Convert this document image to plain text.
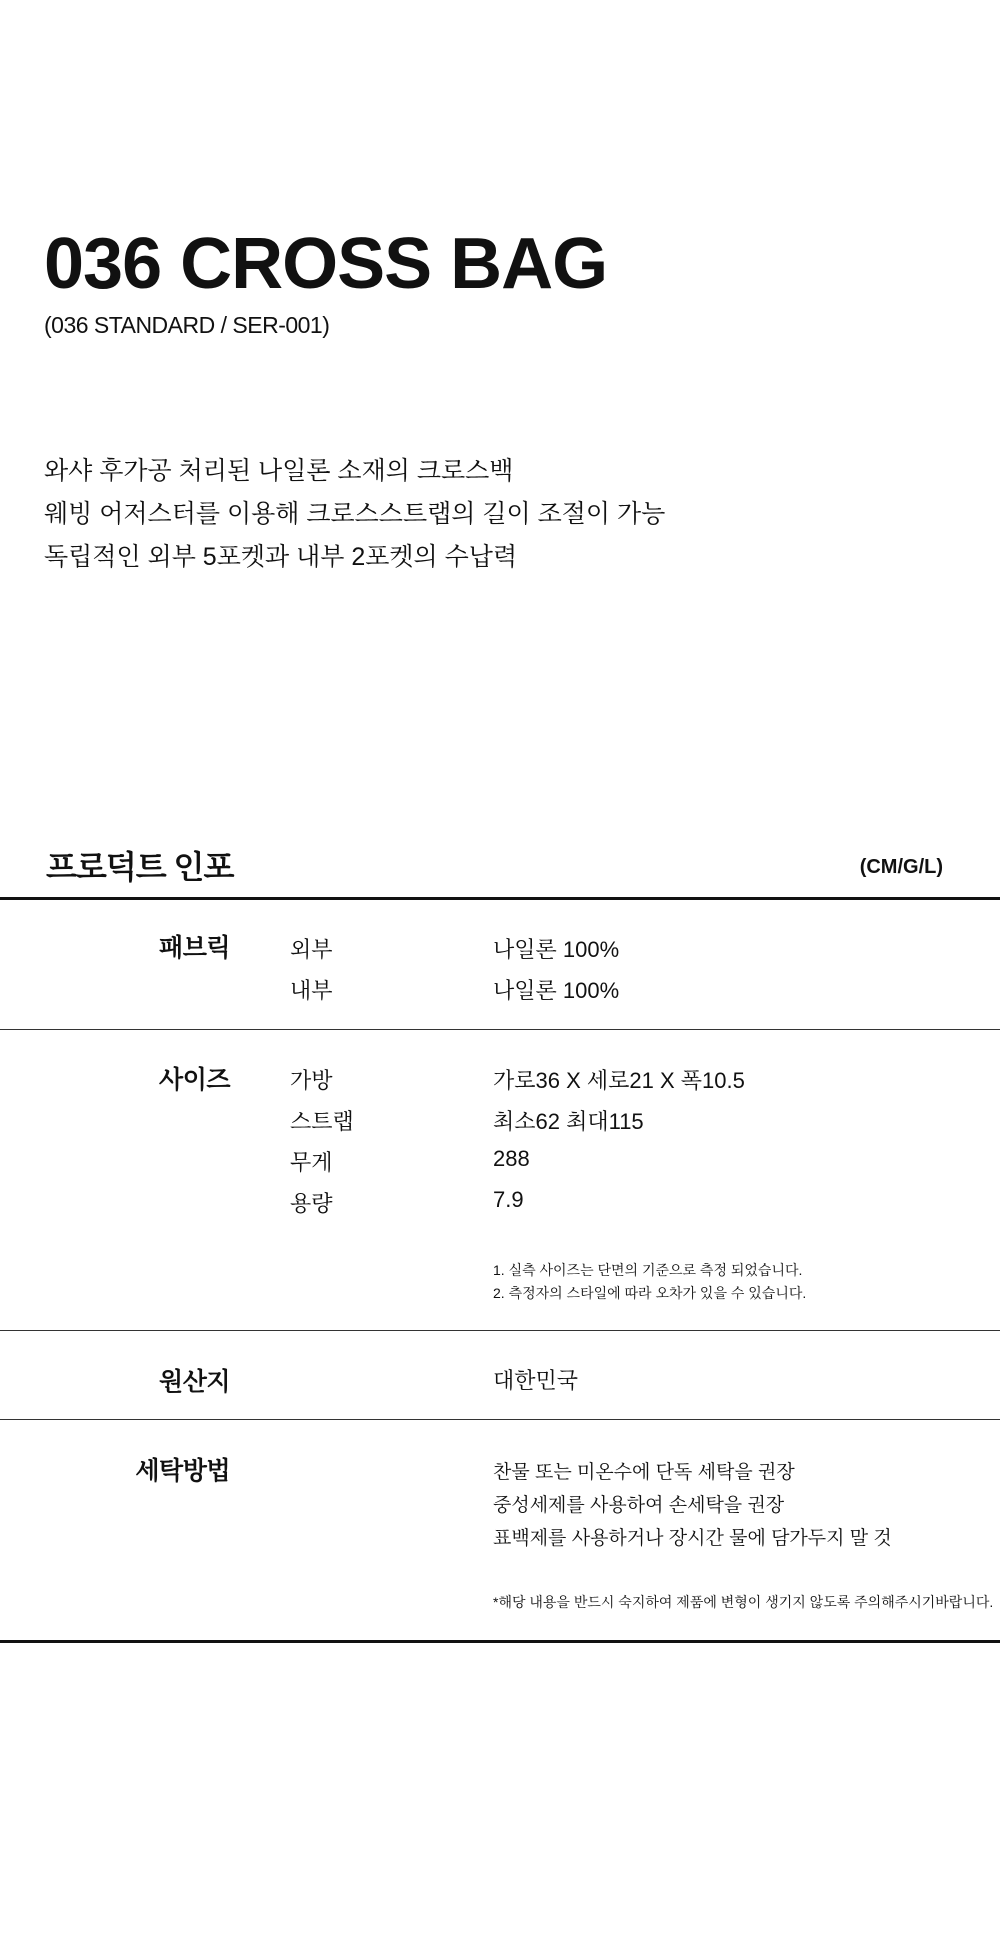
036 CROSS BAG
(036 STANDARD / SER-001)
와샤 후가공 처리된 나일론 소재의 크로스백
웨빙 어저스터를 이용해 크로스스트랩의 길이 조절이 가능
독립적인 외부 5포켓과 내부 2포켓의 수납력
프로덕트 인포	(CM/G/L)
패브릭	외부	나일론 100%
내부	나일론 100%
사이즈	가방	가로36 X 세로21 X 폭10.5
스트랩	최소62 최대115
무게	288
용량	7.9
1. 실측 사이즈는 단면의 기준으로 측정 되었습니다.
2. 측정자의 스타일에 따라 오차가 있을 수 있습니다.
원산지	대한민국
세탁방법	찬물 또는 미온수에 단독 세탁을 권장
중성세제를 사용하여 손세탁을 권장
표백제를 사용하거나 장시간 물에 담가두지 말 것
*해당 내용을 반드시 숙지하여 제품에 변형이 생기지 않도록 주의해주시기바랍니다.
